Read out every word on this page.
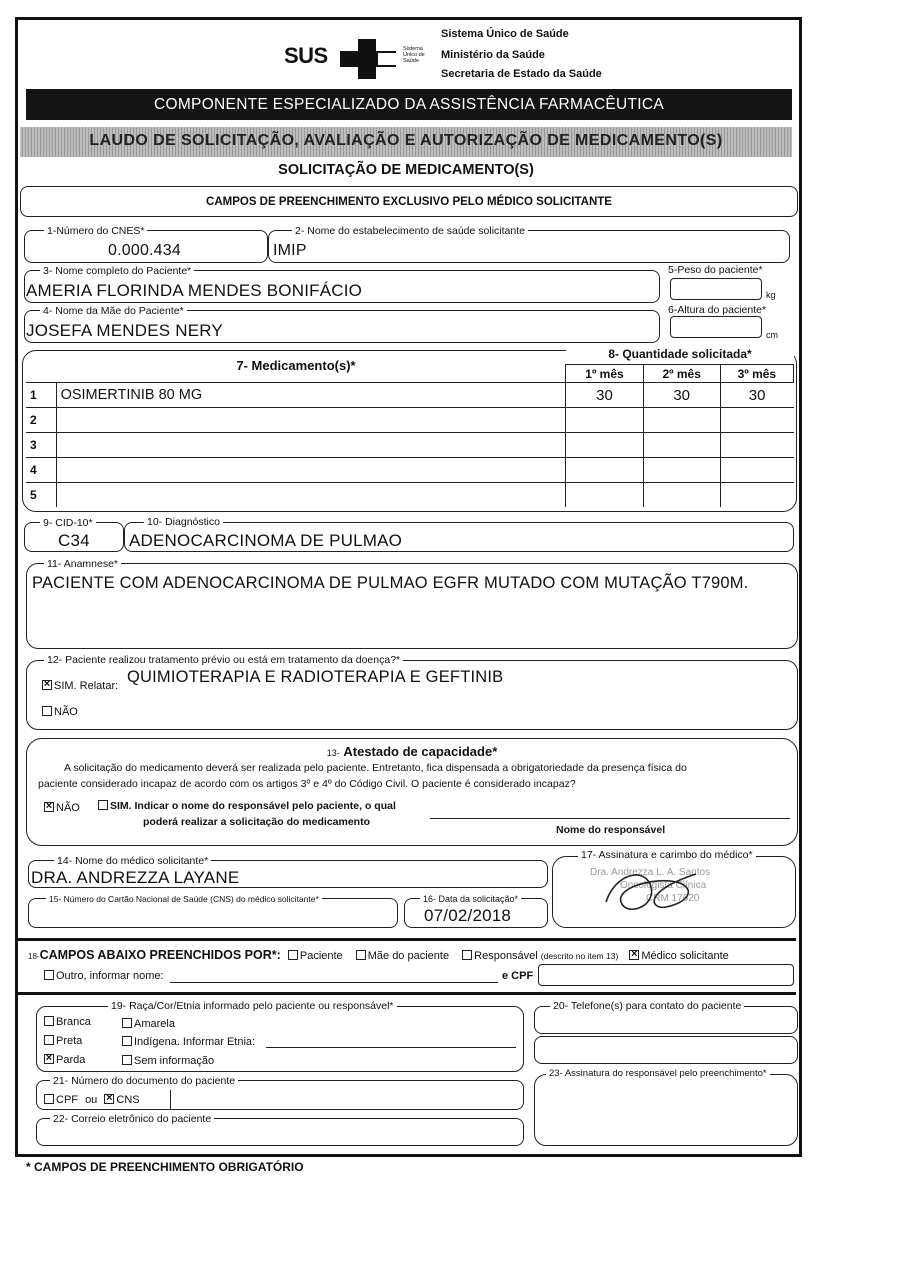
SUS	Sistema Único de Saúde
Sistema Único de Saúde
Ministério da Saúde
Secretaria de Estado da Saúde
COMPONENTE ESPECIALIZADO DA ASSISTÊNCIA FARMACÊUTICA
LAUDO DE SOLICITAÇÃO, AVALIAÇÃO E AUTORIZAÇÃO DE MEDICAMENTO(S)
SOLICITAÇÃO DE MEDICAMENTO(S)
CAMPOS DE PREENCHIMENTO EXCLUSIVO PELO MÉDICO SOLICITANTE
1-Número do CNES*
0.000.434
2- Nome do estabelecimento de saúde solicitante
IMIP
3- Nome completo do Paciente*
AMERIA FLORINDA MENDES BONIFÁCIO
5-Peso do paciente*
kg
4- Nome da Mãe do Paciente*
JOSEFA MENDES NERY
6-Altura do paciente*
cm
7- Medicamento(s)*
8- Quantidade solicitada*
		1º mês	2º mês	3º mês
1	OSIMERTINIB 80 MG	30	30	30
2				
3				
4				
5				
9- CID-10*
C34
10- Diagnóstico
ADENOCARCINOMA DE PULMAO
11- Anamnese*
PACIENTE COM ADENOCARCINOMA DE PULMAO EGFR MUTADO COM MUTAÇÃO T790M.
12- Paciente realizou tratamento prévio ou está em tratamento da doença?*
×SIM. Relatar: QUIMIOTERAPIA E RADIOTERAPIA E GEFTINIB
NÃO
13- Atestado de capacidade*
A solicitação do medicamento deverá ser realizada pelo paciente. Entretanto, fica dispensada a obrigatoriedade da presença física do
paciente considerado incapaz de acordo com os artigos 3º e 4º do Código Civil. O paciente é considerado incapaz?
×NÃO	SIM. Indicar o nome do responsável pelo paciente, o qual
poderá realizar a solicitação do medicamento
Nome do responsável
14- Nome do médico solicitante*
DRA. ANDREZZA LAYANE
15- Número do Cartão Nacional de Saúde (CNS) do médico solicitante*	16- Data da solicitação*
07/02/2018
17- Assinatura e carimbo do médico*
Dra. Andrezza L. A. Santos
Oncologista Clínica
CRM 17620
18-CAMPOS ABAIXO PREENCHIDOS POR*: Paciente Mãe do paciente Responsável (descrito no item 13) × Médico solicitante
Outro, informar nome:	e CPF
19- Raça/Cor/Etnia informado pelo paciente ou responsável*
Branca	Amarela
Preta	Indígena. Informar Etnia:
×Parda	Sem informação
20- Telefone(s) para contato do paciente
21- Número do documento do paciente
CPF ou × CNS
22- Correio eletrônico do paciente
23- Assinatura do responsável pelo preenchimento*
* CAMPOS DE PREENCHIMENTO OBRIGATÓRIO
